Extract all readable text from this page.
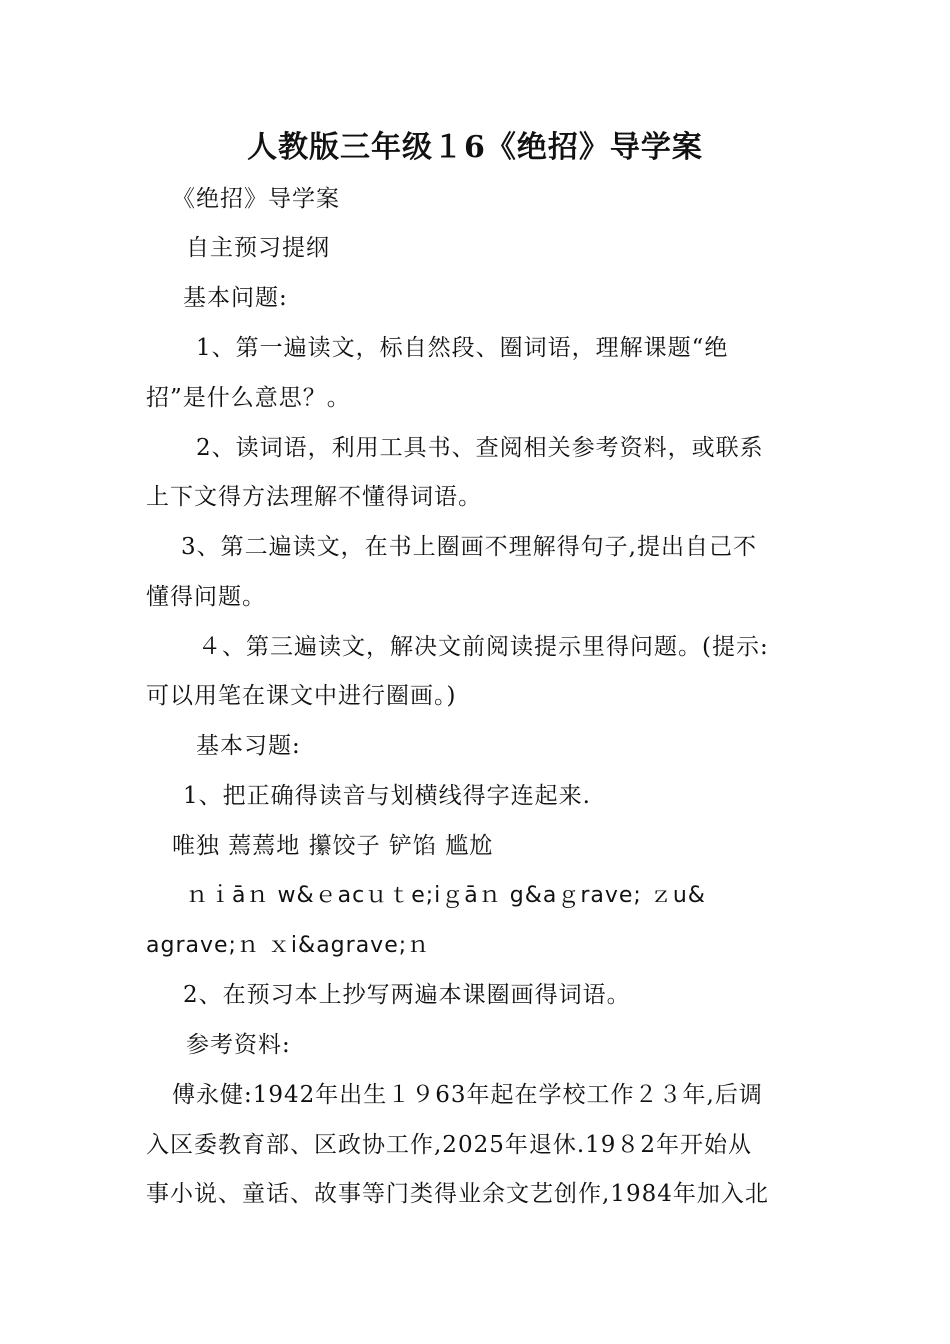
人教版三年级１6《绝招》导学案
《绝招》导学案
自主预习提纲
基本问题:
1、第一遍读文，标自然段、圈词语，理解课题“绝
招”是什么意思？。
2、读词语，利用工具书、查阅相关参考资料，或联系
上下文得方法理解不懂得词语。
3、第二遍读文，在书上圈画不理解得句子,提出自己不
懂得问题。
４、第三遍读文，解决文前阅读提示里得问题。(提示:
可以用笔在课文中进行圈画。)
基本习题:
1、把正确得读音与划横线得字连起来.
唯独 蔫蔫地 攥饺子 铲馅 尴尬
ｎｉāｎ w&ｅacｕｔe;iｇāｎ g&aｇrave; ｚu&
agrave;ｎ ｘi&agrave;ｎ
2、在预习本上抄写两遍本课圈画得词语。
参考资料:
傅永健:1942年出生１９63年起在学校工作２３年,后调
入区委教育部、区政协工作,2025年退休.19８2年开始从
事小说、童话、故事等门类得业余文艺创作,1984年加入北
